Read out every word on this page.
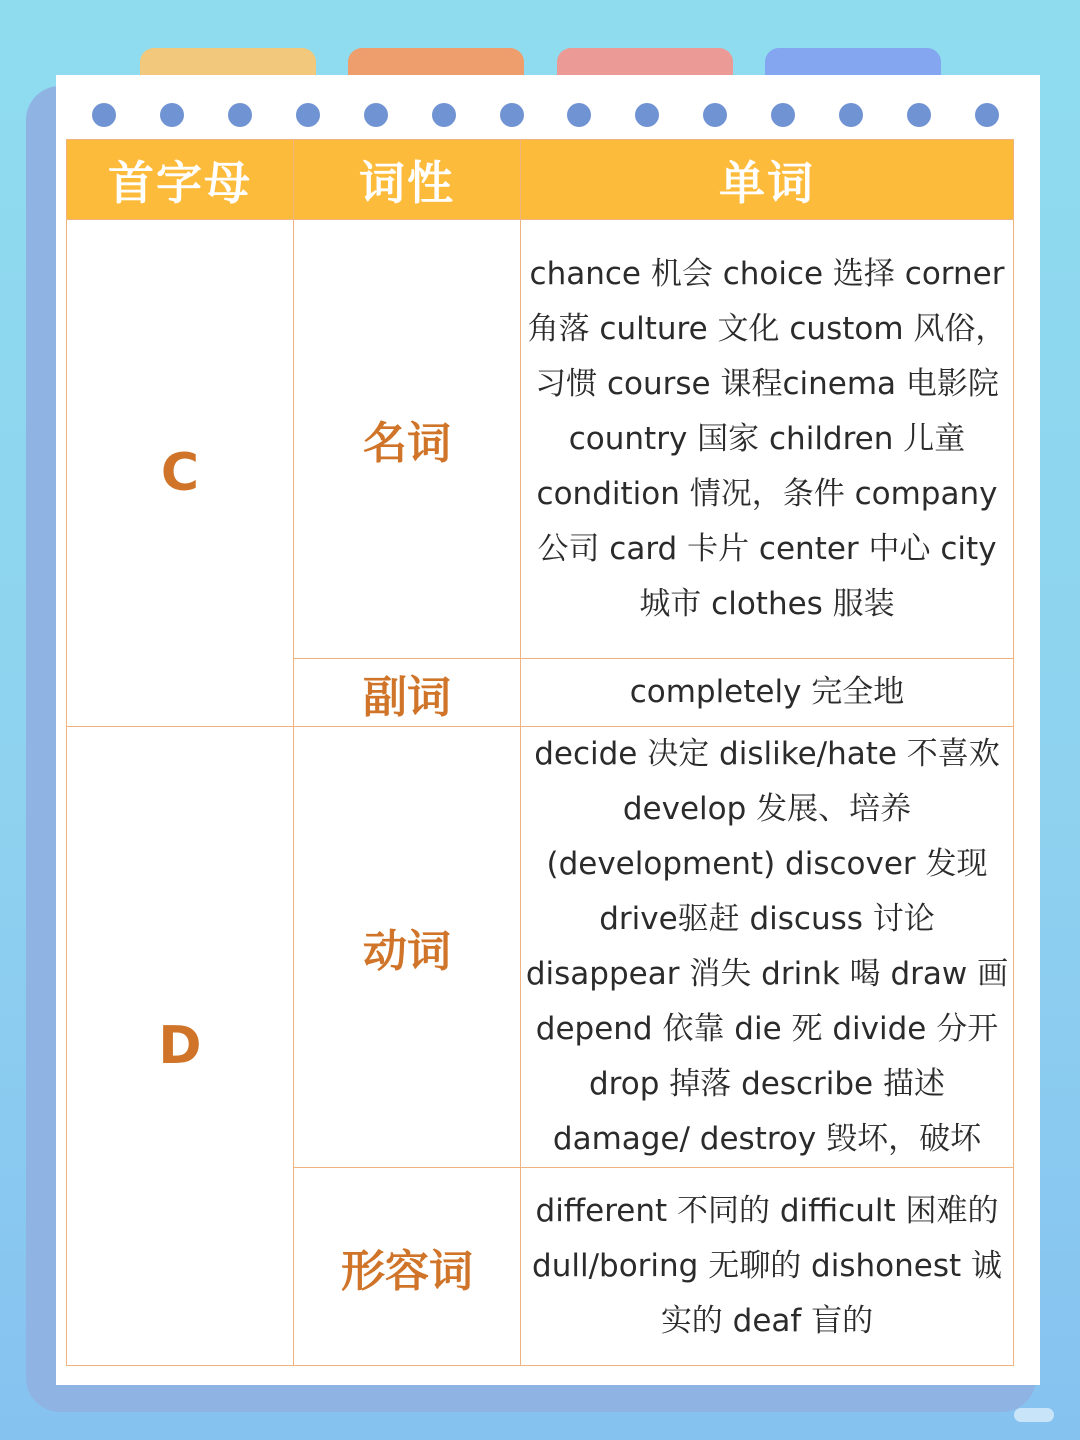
首字母	词性	单词
C	名词	chance 机会 choice 选择 corner 角落 culture 文化 custom 风俗，习惯 course 课程cinema 电影院 country 国家 children 儿童 condition 情况，条件 company 公司 card 卡片 center 中心 city 城市 clothes 服装
	副词	completely 完全地
D	动词	decide 决定 dislike/hate 不喜欢 develop 发展、培养(development) discover 发现 drive驱赶 discuss 讨论 disappear 消失 drink 喝 draw 画 depend 依靠 die 死 divide 分开drop 掉落 describe 描述 damage/ destroy 毁坏，破坏
	形容词	different 不同的 difficult 困难的 dull/boring 无聊的 dishonest 诚实的 deaf 盲的
